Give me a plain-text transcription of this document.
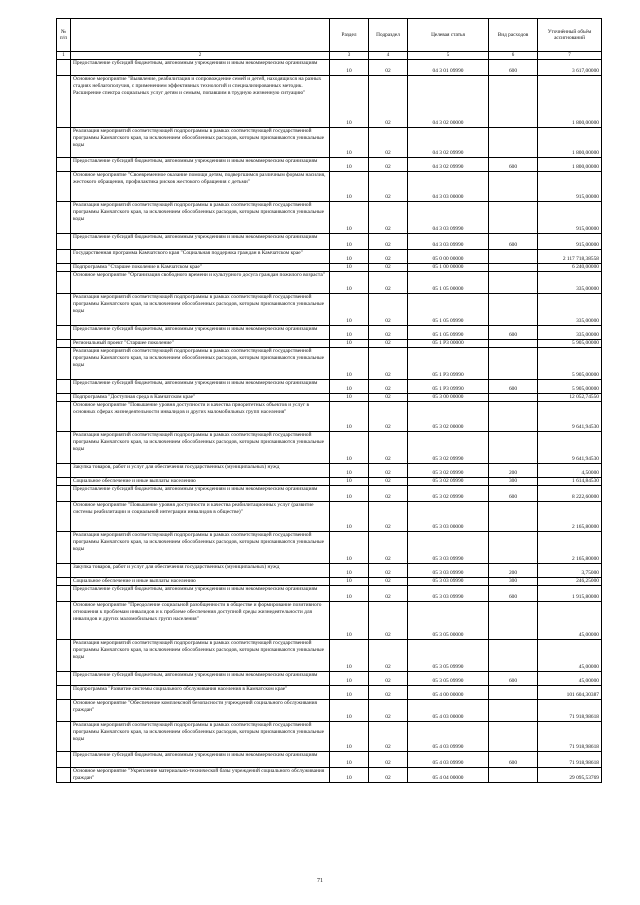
№ п/п		Раздел	Подраздел	Целевая статья	Вид расходов	Уточнённый объём ассигнований
1	2	3	4	5	6	7
	Предоставление субсидий бюджетным, автономным учреждениям и иным некоммерческим организациям	10	02	04 3 01 09990	600	3 617,00000
	Основное мероприятие "Выявление, реабилитация и сопровождение семей и детей, находящихся на разных стадиях неблагополучия, с применением эффективных технологий и специализированных методик. Расширение спектра социальных услуг детям и семьям, попавшим в трудную жизненную ситуацию"	10	02	04 3 02 00000		1 800,00000
	Реализация мероприятий соответствующей подпрограммы в рамках соответствующей государственной программы Камчатского края, за исключением обособленных расходов, которым присваиваются уникальные коды	10	02	04 3 02 09990		1 800,00000
	Предоставление субсидий бюджетным, автономным учреждениям и иным некоммерческим организациям	10	02	04 3 02 09990	600	1 800,00000
	Основное мероприятие "Своевременное оказание помощи детям, подвергшимся различным формам насилия, жестокого обращения, профилактика рисков жестокого обращения с детьми"	10	02	04 3 03 00000		915,00000
	Реализация мероприятий соответствующей подпрограммы в рамках соответствующей государственной программы Камчатского края, за исключением обособленных расходов, которым присваиваются уникальные коды	10	02	04 3 03 09990		915,00000
	Предоставление субсидий бюджетным, автономным учреждениям и иным некоммерческим организациям	10	02	04 3 03 09990	600	915,00000
	Государственная программа Камчатского края "Социальная поддержка граждан в Камчатском крае"	10	02	05 0 00 00000		2 117 718,38558
	Подпрограмма "Старшее поколение в Камчатском крае"	10	02	05 1 00 00000		6 240,00000
	Основное мероприятие "Организация свободного времени и культурного досуга граждан пожилого возраста"	10	02	05 1 05 00000		335,00000
	Реализация мероприятий соответствующей подпрограммы в рамках соответствующей государственной программы Камчатского края, за исключением обособленных расходов, которым присваиваются уникальные коды	10	02	05 1 05 09990		335,00000
	Предоставление субсидий бюджетным, автономным учреждениям и иным некоммерческим организациям	10	02	05 1 05 09990	600	335,00000
	Региональный проект "Старшее поколение"	10	02	05 1 P3 00000		5 905,00000
	Реализация мероприятий соответствующей подпрограммы в рамках соответствующей государственной программы Камчатского края, за исключением обособленных расходов, которым присваиваются уникальные коды	10	02	05 1 P3 09990		5 905,00000
	Предоставление субсидий бюджетным, автономным учреждениям и иным некоммерческим организациям	10	02	05 1 P3 09990	600	5 905,00000
	Подпрограмма "Доступная среда в Камчатском крае"	10	02	05 3 00 00000		12 052,74550
	Основное мероприятие "Повышение уровня доступности и качества приоритетных объектов и услуг в основных сферах жизнедеятельности инвалидов и других маломобильных групп населения"	10	02	05 3 02 00000		9 641,94530
	Реализация мероприятий соответствующей подпрограммы в рамках соответствующей государственной программы Камчатского края, за исключением обособленных расходов, которым присваиваются уникальные коды	10	02	05 3 02 09990		9 641,94530
	Закупка товаров, работ и услуг для обеспечения государственных (муниципальных) нужд	10	02	05 3 02 09990	200	4,50000
	Социальное обеспечение и иные выплаты населению	10	02	05 3 02 09990	300	1 614,84530
	Предоставление субсидий бюджетным, автономным учреждениям и иным некоммерческим организациям	10	02	05 3 02 09990	600	8 222,60000
	Основное мероприятие "Повышение уровня доступности и качества реабилитационных услуг (развитие системы реабилитации и социальной интеграции инвалидов в обществе)"	10	02	05 3 03 00000		2 165,80000
	Реализация мероприятий соответствующей подпрограммы в рамках соответствующей государственной программы Камчатского края, за исключением обособленных расходов, которым присваиваются уникальные коды	10	02	05 3 03 09990		2 165,80000
	Закупка товаров, работ и услуг для обеспечения государственных (муниципальных) нужд	10	02	05 3 03 09990	200	3,75000
	Социальное обеспечение и иные выплаты населению	10	02	05 3 03 09990	300	246,25000
	Предоставление субсидий бюджетным, автономным учреждениям и иным некоммерческим организациям	10	02	05 3 03 09990	600	1 915,80000
	Основное мероприятие "Преодоление социальной разобщенности в обществе и формирование позитивного отношения к проблемам инвалидов и к проблеме обеспечения доступной среды жизнедеятельности для инвалидов и других маломобильных групп населения"	10	02	05 3 05 00000		45,00000
	Реализация мероприятий соответствующей подпрограммы в рамках соответствующей государственной программы Камчатского края, за исключением обособленных расходов, которым присваиваются уникальные коды	10	02	05 3 05 09990		45,00000
	Предоставление субсидий бюджетным, автономным учреждениям и иным некоммерческим организациям	10	02	05 3 05 09990	600	45,00000
	Подпрограмма "Развитие системы социального обслуживания населения в Камчатском крае"	10	02	05 4 00 00000		101 604,30387
	Основное мероприятие "Обеспечение комплексной безопасности учреждений социального обслуживания граждан"	10	02	05 4 03 00000		71 918,98618
	Реализация мероприятий соответствующей подпрограммы в рамках соответствующей государственной программы Камчатского края, за исключением обособленных расходов, которым присваиваются уникальные коды	10	02	05 4 03 09990		71 918,98618
	Предоставление субсидий бюджетным, автономным учреждениям и иным некоммерческим организациям	10	02	05 4 03 09990	600	71 918,98618
	Основное мероприятие "Укрепление материально-технической базы учреждений социального обслуживания граждан"	10	02	05 4 04 00000		29 095,53769
71
